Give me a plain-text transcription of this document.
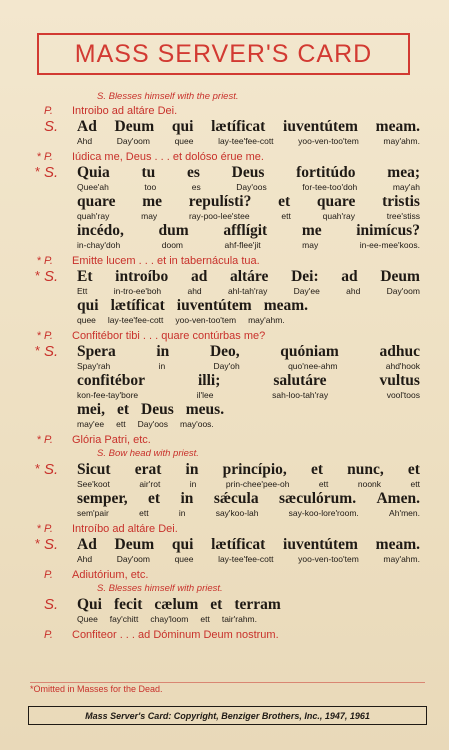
MASS SERVER'S CARD
S. Blesses himself with the priest.
P. Introibo ad altáre Dei.
S. Ad Deum qui lætíficat iuventútem meam.
Ahd	Day'oom	quee	lay-tee'fee-cott	yoo-ven-too'tem	may'ahm.
* P. Iúdica me, Deus . . . et dolóso érue me.
* S. Quia tu es Deus fortitúdo mea;
Quee'ah	too	es	Day'oos	for-tee-too'doh	may'ah
quare me repulísti? et quare tristis
quah'ray	may	ray-poo-lee'stee	ett	quah'ray	tree'stiss
incédo, dum afflígit me inimícus?
in-chay'doh	doom	ahf-flee'jit	may	in-ee-mee'koos.
* P. Emitte lucem . . . et in tabernácula tua.
* S. Et introíbo ad altáre Dei: ad Deum
Ett	in-tro-ee'boh	ahd	ahl-tah'ray	Day'ee	ahd	Day'oom
qui lætíficat iuventútem meam.
quee lay-tee'fee-cott yoo-ven-too'tem may'ahm.
* P. Confitébor tibi . . . quare contúrbas me?
* S. Spera	in	Deo,	quóniam	adhuc
Spay'rah	in	Day'oh	quo'nee-ahm	ahd'hook
confitébor	illi;	salutáre	vultus
kon-fee-tay'bore	il'lee	sah-loo-tah'ray	vool'toos
mei, et Deus meus.
may'ee ett Day'oos may'oos.
* P. Glória Patri, etc.
S. Bow head with priest.
* S. Sicut erat in princípio, et nunc, et
See'koot	air'rot	in	prin-chee'pee-oh	ett	noonk	ett
semper, et in sǽcula sæculórum. Amen.
sem'pair	ett	in	say'koo-lah	say-koo-lore'room.	Ah'men.
* P. Introíbo ad altáre Dei.
* S. Ad Deum qui lætíficat iuventútem meam.
Ahd	Day'oom	quee	lay-tee'fee-cott	yoo-ven-too'tem	may'ahm.
P. Adiutórium, etc.
S. Blesses himself with priest.
S. Qui fecit cælum et terram
Quee fay'chitt chay'loom ett tair'rahm.
P. Confiteor . . . ad Dóminum Deum nostrum.
*Omitted in Masses for the Dead.
Mass Server's Card: Copyright, Benziger Brothers, Inc., 1947, 1961
